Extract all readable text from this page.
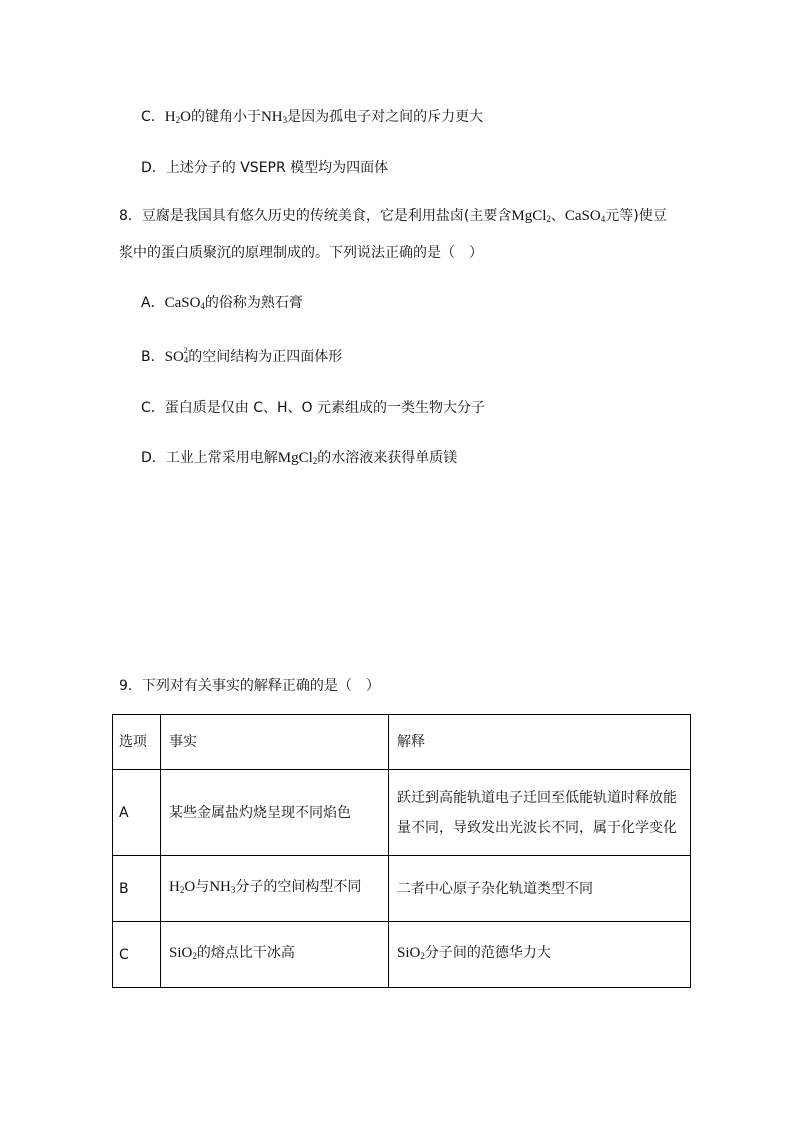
C．$H_2O$的键角小于$NH_3$是因为孤电子对之间的斥力更大
D．上述分子的 VSEPR 模型均为四面体
8．豆腐是我国具有悠久历史的传统美食，它是利用盐卤(主要含MgCl$_2$、CaSO$_4$元等)使豆
浆中的蛋白质聚沉的原理制成的。下列说法正确的是（　）
A．CaSO$_4$的俗称为熟石膏
B．$SO_4$
2−
的空间结构为正四面体形
C．蛋白质是仅由 C、H、O 元素组成的一类生物大分子
D．工业上常采用电解MgCl$_2$的水溶液来获得单质镁
9．下列对有关事实的解释正确的是（　）
选项	事实	解释
A	某些金属盐灼烧呈现不同焰色	跃迁到高能轨道电子迁回至低能轨道时释放能量不同，导致发出光波长不同，属于化学变化
B	$H_2O$与$NH_3$分子的空间构型不同	二者中心原子杂化轨道类型不同
C	SiO$_2$的熔点比干冰高	SiO$_2$分子间的范德华力大
